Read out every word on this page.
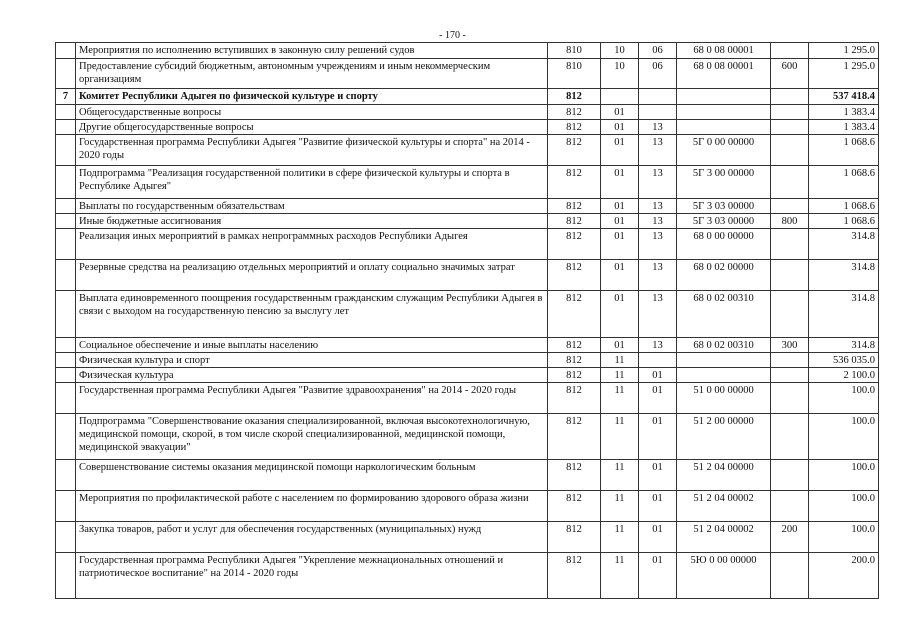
- 170 -
	Мероприятия по исполнению вступивших в законную силу решений судов	810	10	06	68 0 08 00001		1 295.0
	Предоставление субсидий бюджетным, автономным учреждениям и иным некоммерческим организациям	810	10	06	68 0 08 00001	600	1 295.0
7	Комитет Республики Адыгея по физической культуре и спорту	812					537 418.4
	Общегосударственные вопросы	812	01				1 383.4
	Другие общегосударственные вопросы	812	01	13			1 383.4
	Государственная программа Республики Адыгея "Развитие физической культуры и спорта" на 2014 - 2020 годы	812	01	13	5Г 0 00 00000		1 068.6
	Подпрограмма "Реализация государственной политики в сфере физической культуры и спорта в Республике Адыгея"	812	01	13	5Г 3 00 00000		1 068.6
	Выплаты по государственным обязательствам	812	01	13	5Г 3 03 00000		1 068.6
	Иные бюджетные ассигнования	812	01	13	5Г 3 03 00000	800	1 068.6
	Реализация иных мероприятий в рамках непрограммных расходов Республики Адыгея	812	01	13	68 0 00 00000		314.8
	Резервные средства на реализацию отдельных мероприятий и оплату социально значимых затрат	812	01	13	68 0 02 00000		314.8
	Выплата единовременного поощрения государственным гражданским служащим Республики Адыгея в связи с выходом на государственную пенсию за выслугу лет	812	01	13	68 0 02 00310		314.8
	Социальное обеспечение и иные выплаты населению	812	01	13	68 0 02 00310	300	314.8
	Физическая культура и спорт	812	11				536 035.0
	Физическая культура	812	11	01			2 100.0
	Государственная программа Республики Адыгея "Развитие здравоохранения" на 2014 - 2020 годы	812	11	01	51 0 00 00000		100.0
	Подпрограмма "Совершенствование оказания специализированной, включая высокотехнологичную, медицинской помощи, скорой, в том числе скорой специализированной, медицинской помощи, медицинской эвакуации"	812	11	01	51 2 00 00000		100.0
	Совершенствование системы оказания медицинской помощи наркологическим больным	812	11	01	51 2 04 00000		100.0
	Мероприятия по профилактической работе с населением по формированию здорового образа жизни	812	11	01	51 2 04 00002		100.0
	Закупка товаров, работ и услуг для обеспечения государственных (муниципальных) нужд	812	11	01	51 2 04 00002	200	100.0
	Государственная программа Республики Адыгея "Укрепление межнациональных отношений и патриотическое воспитание" на 2014 - 2020 годы	812	11	01	5Ю 0 00 00000		200.0
